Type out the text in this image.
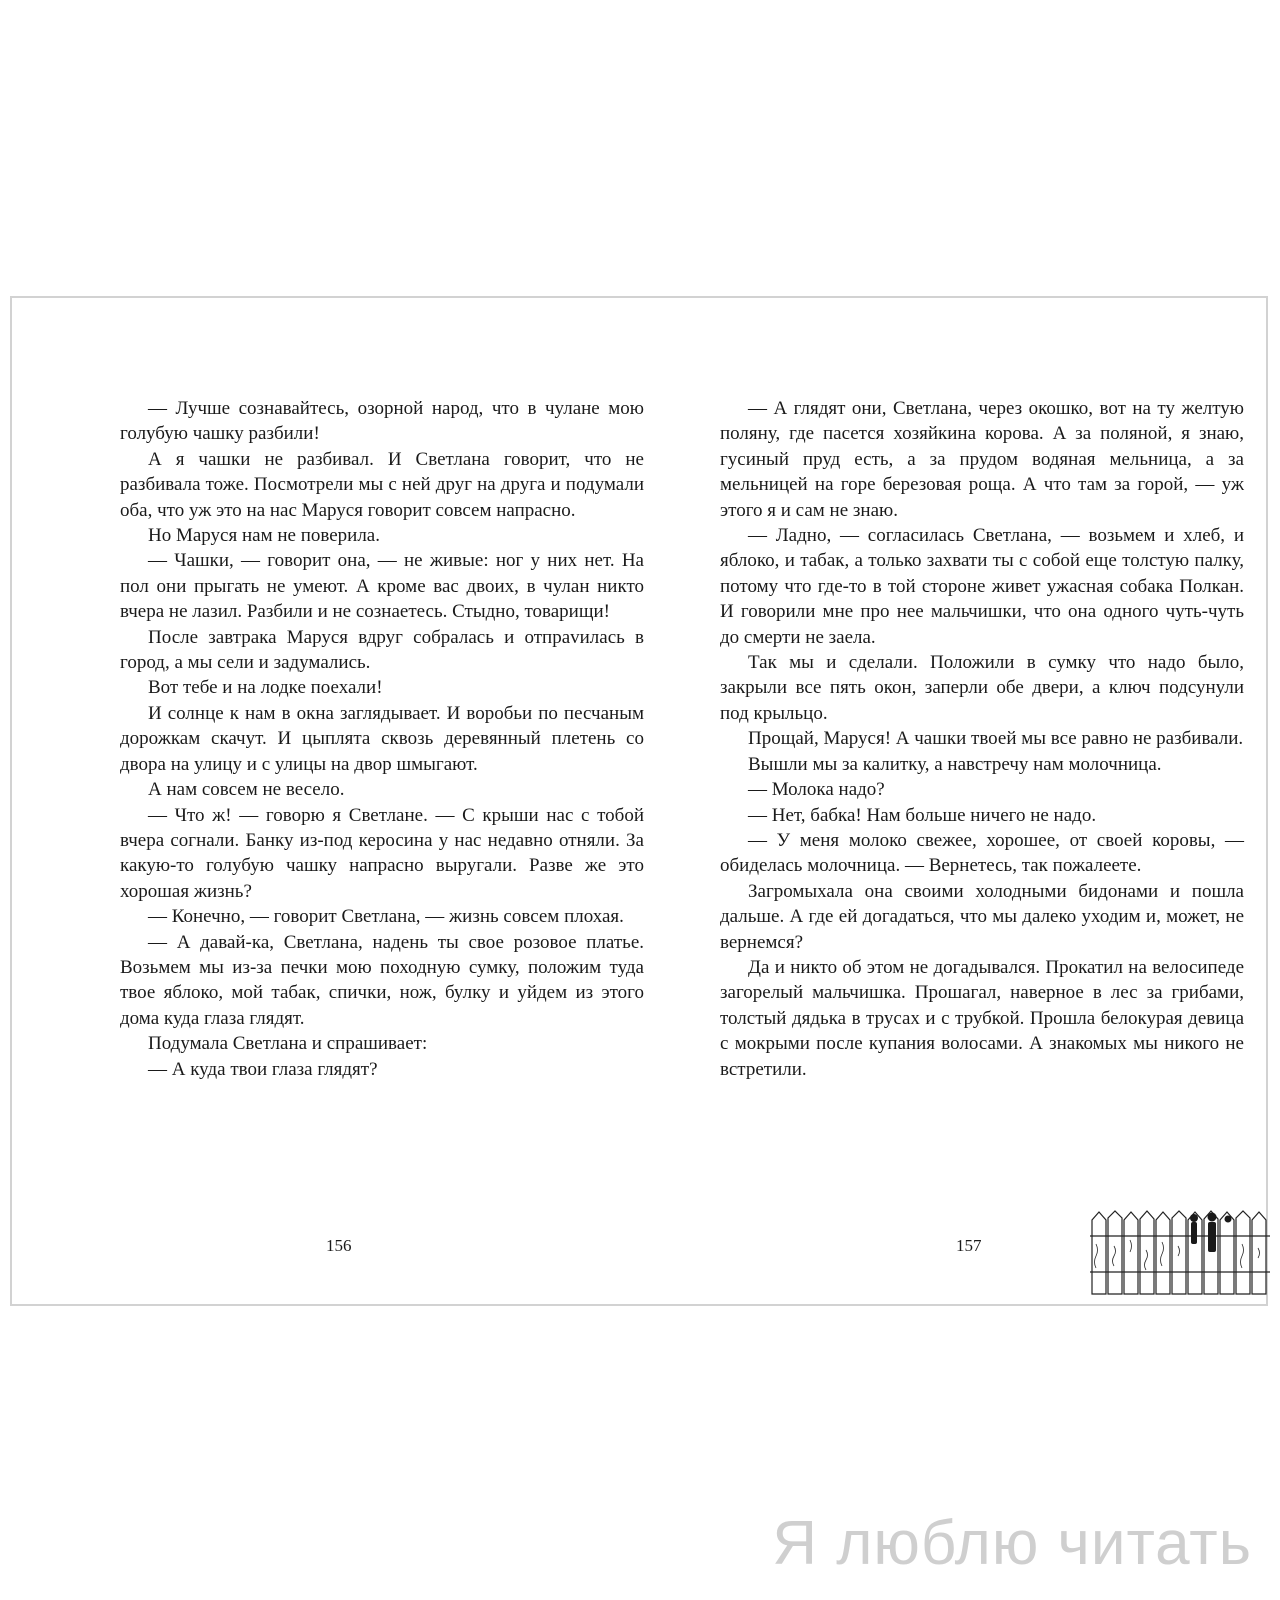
— Лучше сознавайтесь, озорной народ, что в чулане мою голубую чашку разбили!

А я чашки не разбивал. И Светлана говорит, что не разбивала тоже. Посмотрели мы с ней друг на друга и подумали оба, что уж это на нас Маруся говорит совсем напрасно.

Но Маруся нам не поверила.

— Чашки, — говорит она, — не живые: ног у них нет. На пол они прыгать не умеют. А кроме вас двоих, в чулан никто вчера не лазил. Разбили и не сознаетесь. Стыдно, товарищи!

После завтрака Маруся вдруг собралась и отпраvилась в город, а мы сели и задумались.

Вот тебе и на лодке поехали!

И солнце к нам в окна заглядывает. И воробьи по песчаным дорожкам скачут. И цыплята сквозь деревянный плетень со двора на улицу и с улицы на двор шмыгают.

А нам совсем не весело.

— Что ж! — говорю я Светлане. — С крыши нас с тобой вчера согнали. Банку из-под керосина у нас недавно отняли. За какую-то голубую чашку напрасно выругали. Разве же это хорошая жизнь?

— Конечно, — говорит Светлана, — жизнь совсем плохая.

— А давай-ка, Светлана, надень ты свое розовое платье. Возьмем мы из-за печки мою походную сумку, положим туда твое яблоко, мой табак, спички, нож, булку и уйдем из этого дома куда глаза глядят.

Подумала Светлана и спрашивает:

— А куда твои глаза глядят?

— А глядят они, Светлана, через окошко, вот на ту желтую поляну, где пасется хозяйкина корова. А за поляной, я знаю, гусиный пруд есть, а за прудом водяная мельница, а за мельницей на горе березовая роща. А что там за горой, — уж этого я и сам не знаю.

— Ладно, — согласилась Светлана, — возьмем и хлеб, и яблоко, и табак, а только захвати ты с собой еще толстую палку, потому что где-то в той стороне живет ужасная собака Полкан. И говорили мне про нее мальчишки, что она одного чуть-чуть до смерти не заела.

Так мы и сделали. Положили в сумку что надо было, закрыли все пять окон, заперли обе двери, а ключ подсунули под крыльцо.

Прощай, Маруся! А чашки твоей мы все равно не разбивали.

Вышли мы за калитку, а навстречу нам молочница.

— Молока надо?

— Нет, бабка! Нам больше ничего не надо.

— У меня молоко свежее, хорошее, от своей коровы, — обиделась молочница. — Вернетесь, так пожалеете.

Загромыхала она своими холодными бидонами и пошла дальше. А где ей догадаться, что мы далеко уходим и, может, не вернемся?

Да и никто об этом не догадывался. Прокатил на велосипеде загорелый мальчишка. Прошагал, наверное в лес за грибами, толстый дядька в трусах и с трубкой. Прошла белокурая девица с мокрыми после купания волосами. А знакомых мы никого не встретили.

156	157
Я люблю читать
